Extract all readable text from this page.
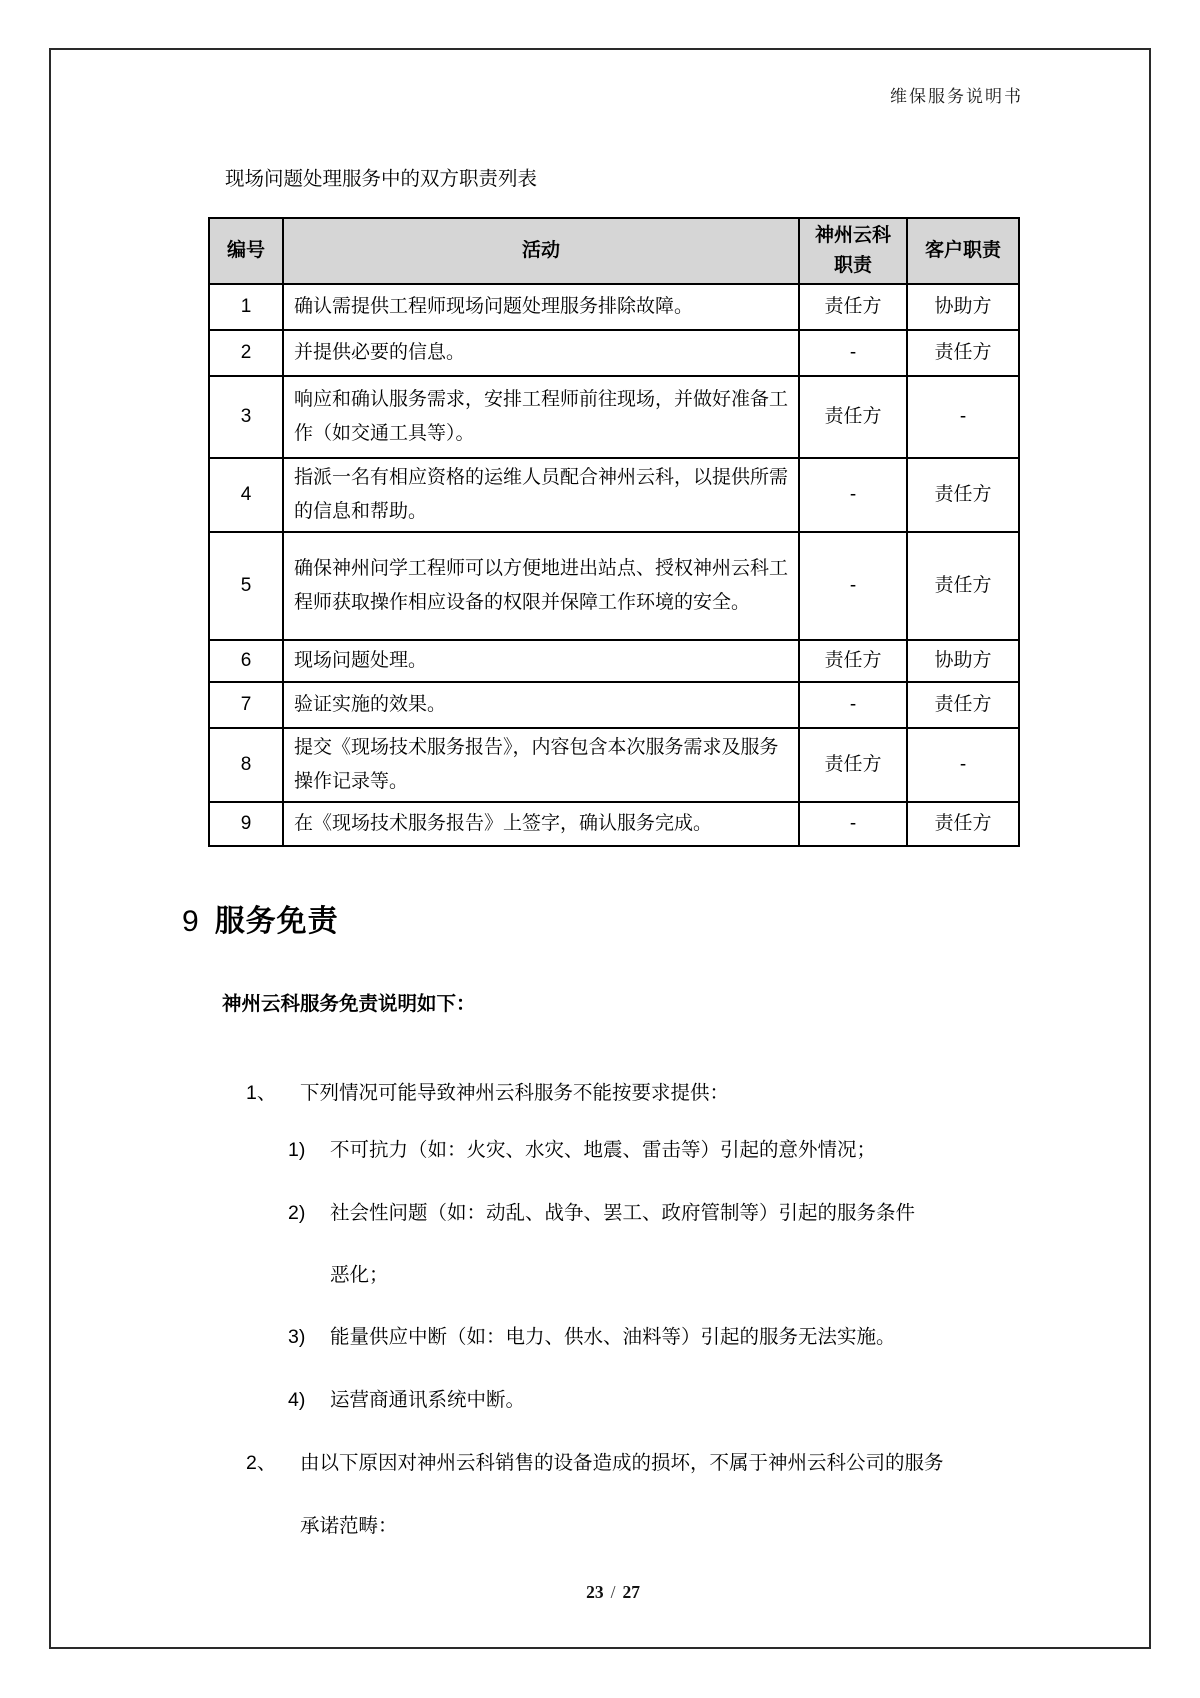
维保服务说明书
现场问题处理服务中的双方职责列表
编号	活动	神州云科职责	客户职责
1	确认需提供工程师现场问题处理服务排除故障。	责任方	协助方
2	并提供必要的信息。	-	责任方
3	响应和确认服务需求，安排工程师前往现场，并做好准备工作（如交通工具等）。	责任方	-
4	指派一名有相应资格的运维人员配合神州云科，以提供所需的信息和帮助。	-	责任方
5	确保神州问学工程师可以方便地进出站点、授权神州云科工程师获取操作相应设备的权限并保障工作环境的安全。	-	责任方
6	现场问题处理。	责任方	协助方
7	验证实施的效果。	-	责任方
8	提交《现场技术服务报告》，内容包含本次服务需求及服务操作记录等。	责任方	-
9	在《现场技术服务报告》上签字，确认服务完成。	-	责任方
9 服务免责
神州云科服务免责说明如下：
1、 下列情况可能导致神州云科服务不能按要求提供：
1) 不可抗力（如：火灾、水灾、地震、雷击等）引起的意外情况；
2) 社会性问题（如：动乱、战争、罢工、政府管制等）引起的服务条件
恶化；
3) 能量供应中断（如：电力、供水、油料等）引起的服务无法实施。
4) 运营商通讯系统中断。
2、 由以下原因对神州云科销售的设备造成的损坏，不属于神州云科公司的服务
承诺范畴：
23 / 27
